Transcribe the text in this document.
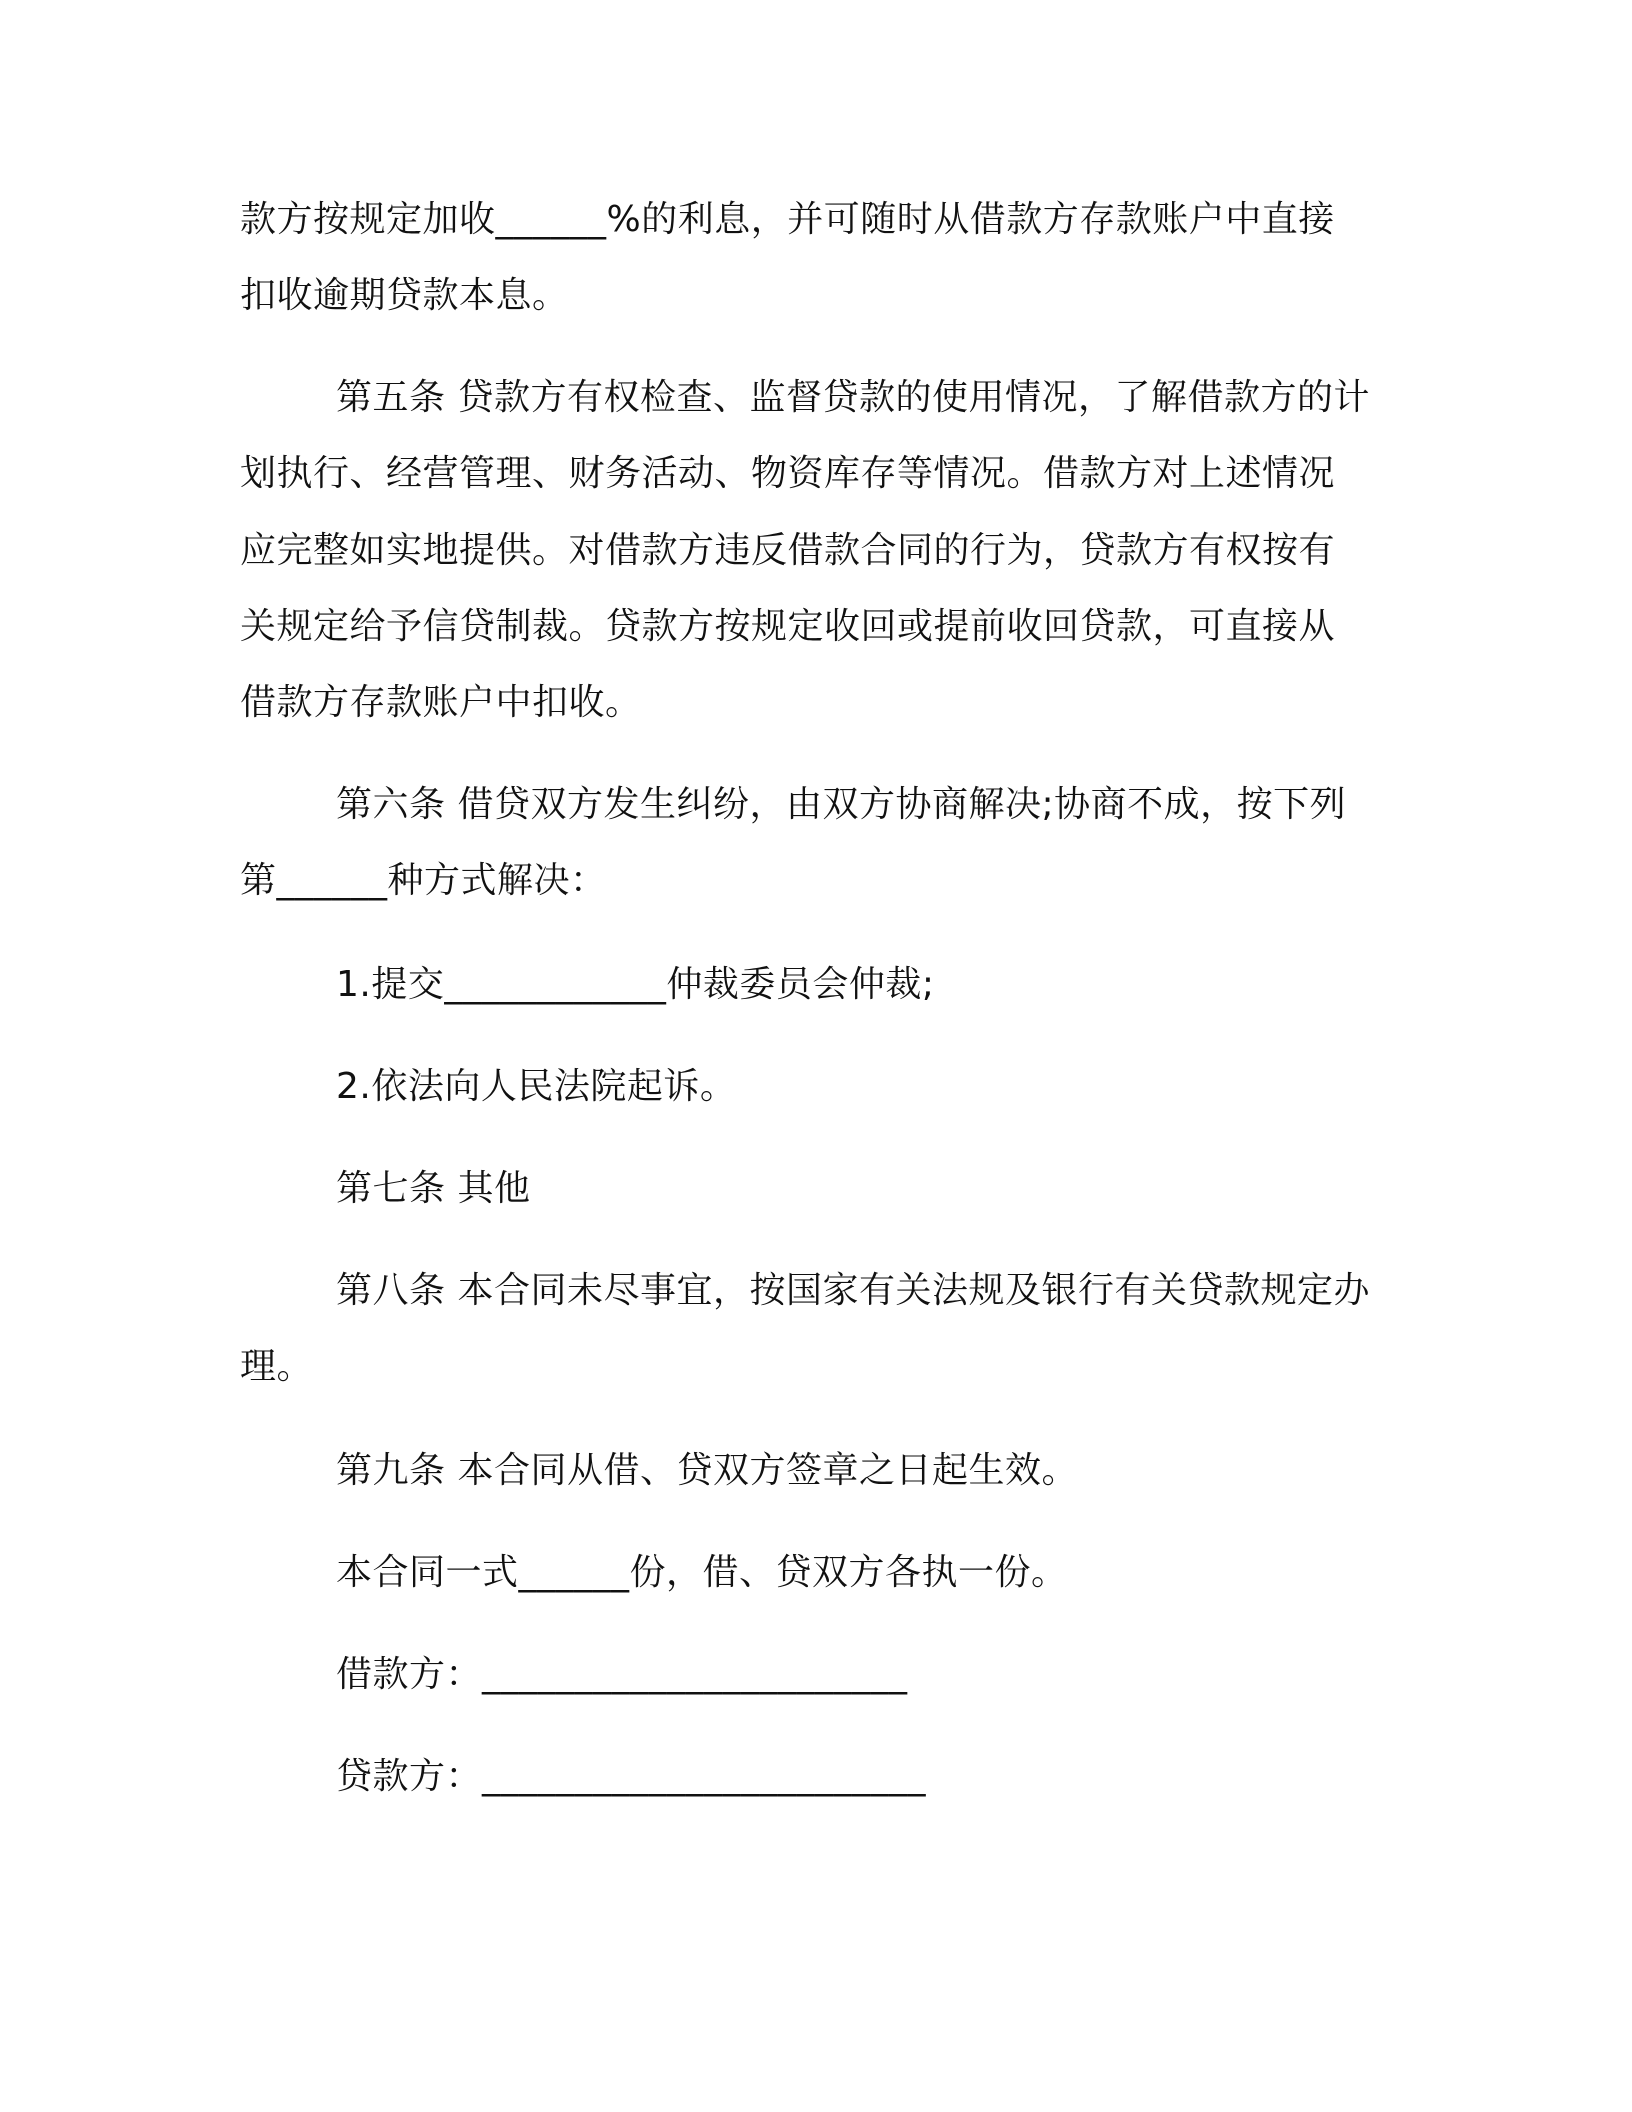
款方按规定加收______%的利息，并可随时从借款方存款账户中直接
扣收逾期贷款本息。
第五条 贷款方有权检查、监督贷款的使用情况，了解借款方的计
划执行、经营管理、财务活动、物资库存等情况。借款方对上述情况
应完整如实地提供。对借款方违反借款合同的行为，贷款方有权按有
关规定给予信贷制裁。贷款方按规定收回或提前收回贷款，可直接从
借款方存款账户中扣收。
第六条 借贷双方发生纠纷，由双方协商解决;协商不成，按下列
第______种方式解决：
1.提交____________仲裁委员会仲裁;
2.依法向人民法院起诉。
第七条 其他
第八条 本合同未尽事宜，按国家有关法规及银行有关贷款规定办
理。
第九条 本合同从借、贷双方签章之日起生效。
本合同一式______份，借、贷双方各执一份。
借款方：_______________________
贷款方：________________________
